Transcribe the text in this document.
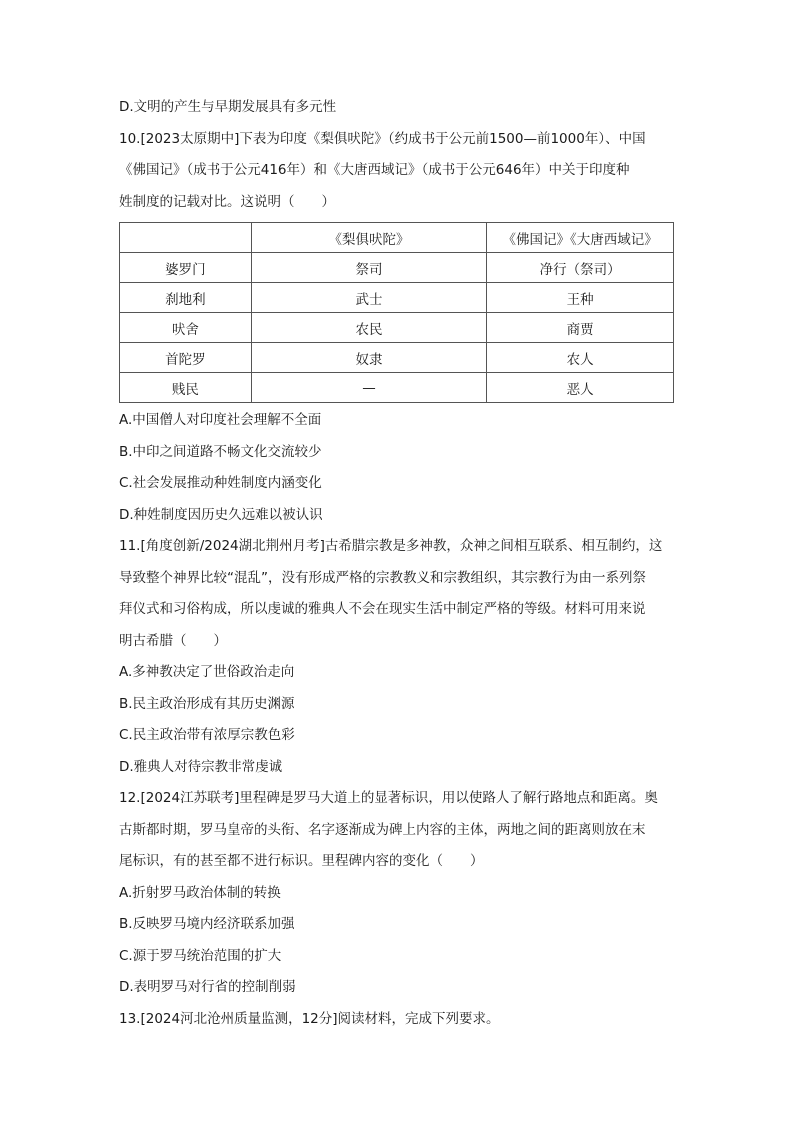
D.文明的产生与早期发展具有多元性
10.[2023太原期中]下表为印度《梨俱吠陀》（约成书于公元前1500—前1000年）、中国
《佛国记》（成书于公元416年）和《大唐西域记》（成书于公元646年）中关于印度种
姓制度的记载对比。这说明（　　）
	《梨俱吠陀》	《佛国记》《大唐西域记》
婆罗门	祭司	净行（祭司）
刹地利	武士	王种
吠舍	农民	商贾
首陀罗	奴隶	农人
贱民	—	恶人
A.中国僧人对印度社会理解不全面
B.中印之间道路不畅文化交流较少
C.社会发展推动种姓制度内涵变化
D.种姓制度因历史久远难以被认识
11.[角度创新/2024湖北荆州月考]古希腊宗教是多神教，众神之间相互联系、相互制约，这
导致整个神界比较“混乱”，没有形成严格的宗教教义和宗教组织，其宗教行为由一系列祭
拜仪式和习俗构成，所以虔诚的雅典人不会在现实生活中制定严格的等级。材料可用来说
明古希腊（　　）
A.多神教决定了世俗政治走向
B.民主政治形成有其历史渊源
C.民主政治带有浓厚宗教色彩
D.雅典人对待宗教非常虔诚
12.[2024江苏联考]里程碑是罗马大道上的显著标识，用以使路人了解行路地点和距离。奥
古斯都时期，罗马皇帝的头衔、名字逐渐成为碑上内容的主体，两地之间的距离则放在末
尾标识，有的甚至都不进行标识。里程碑内容的变化（　　）
A.折射罗马政治体制的转换
B.反映罗马境内经济联系加强
C.源于罗马统治范围的扩大
D.表明罗马对行省的控制削弱
13.[2024河北沧州质量监测，12分]阅读材料，完成下列要求。
